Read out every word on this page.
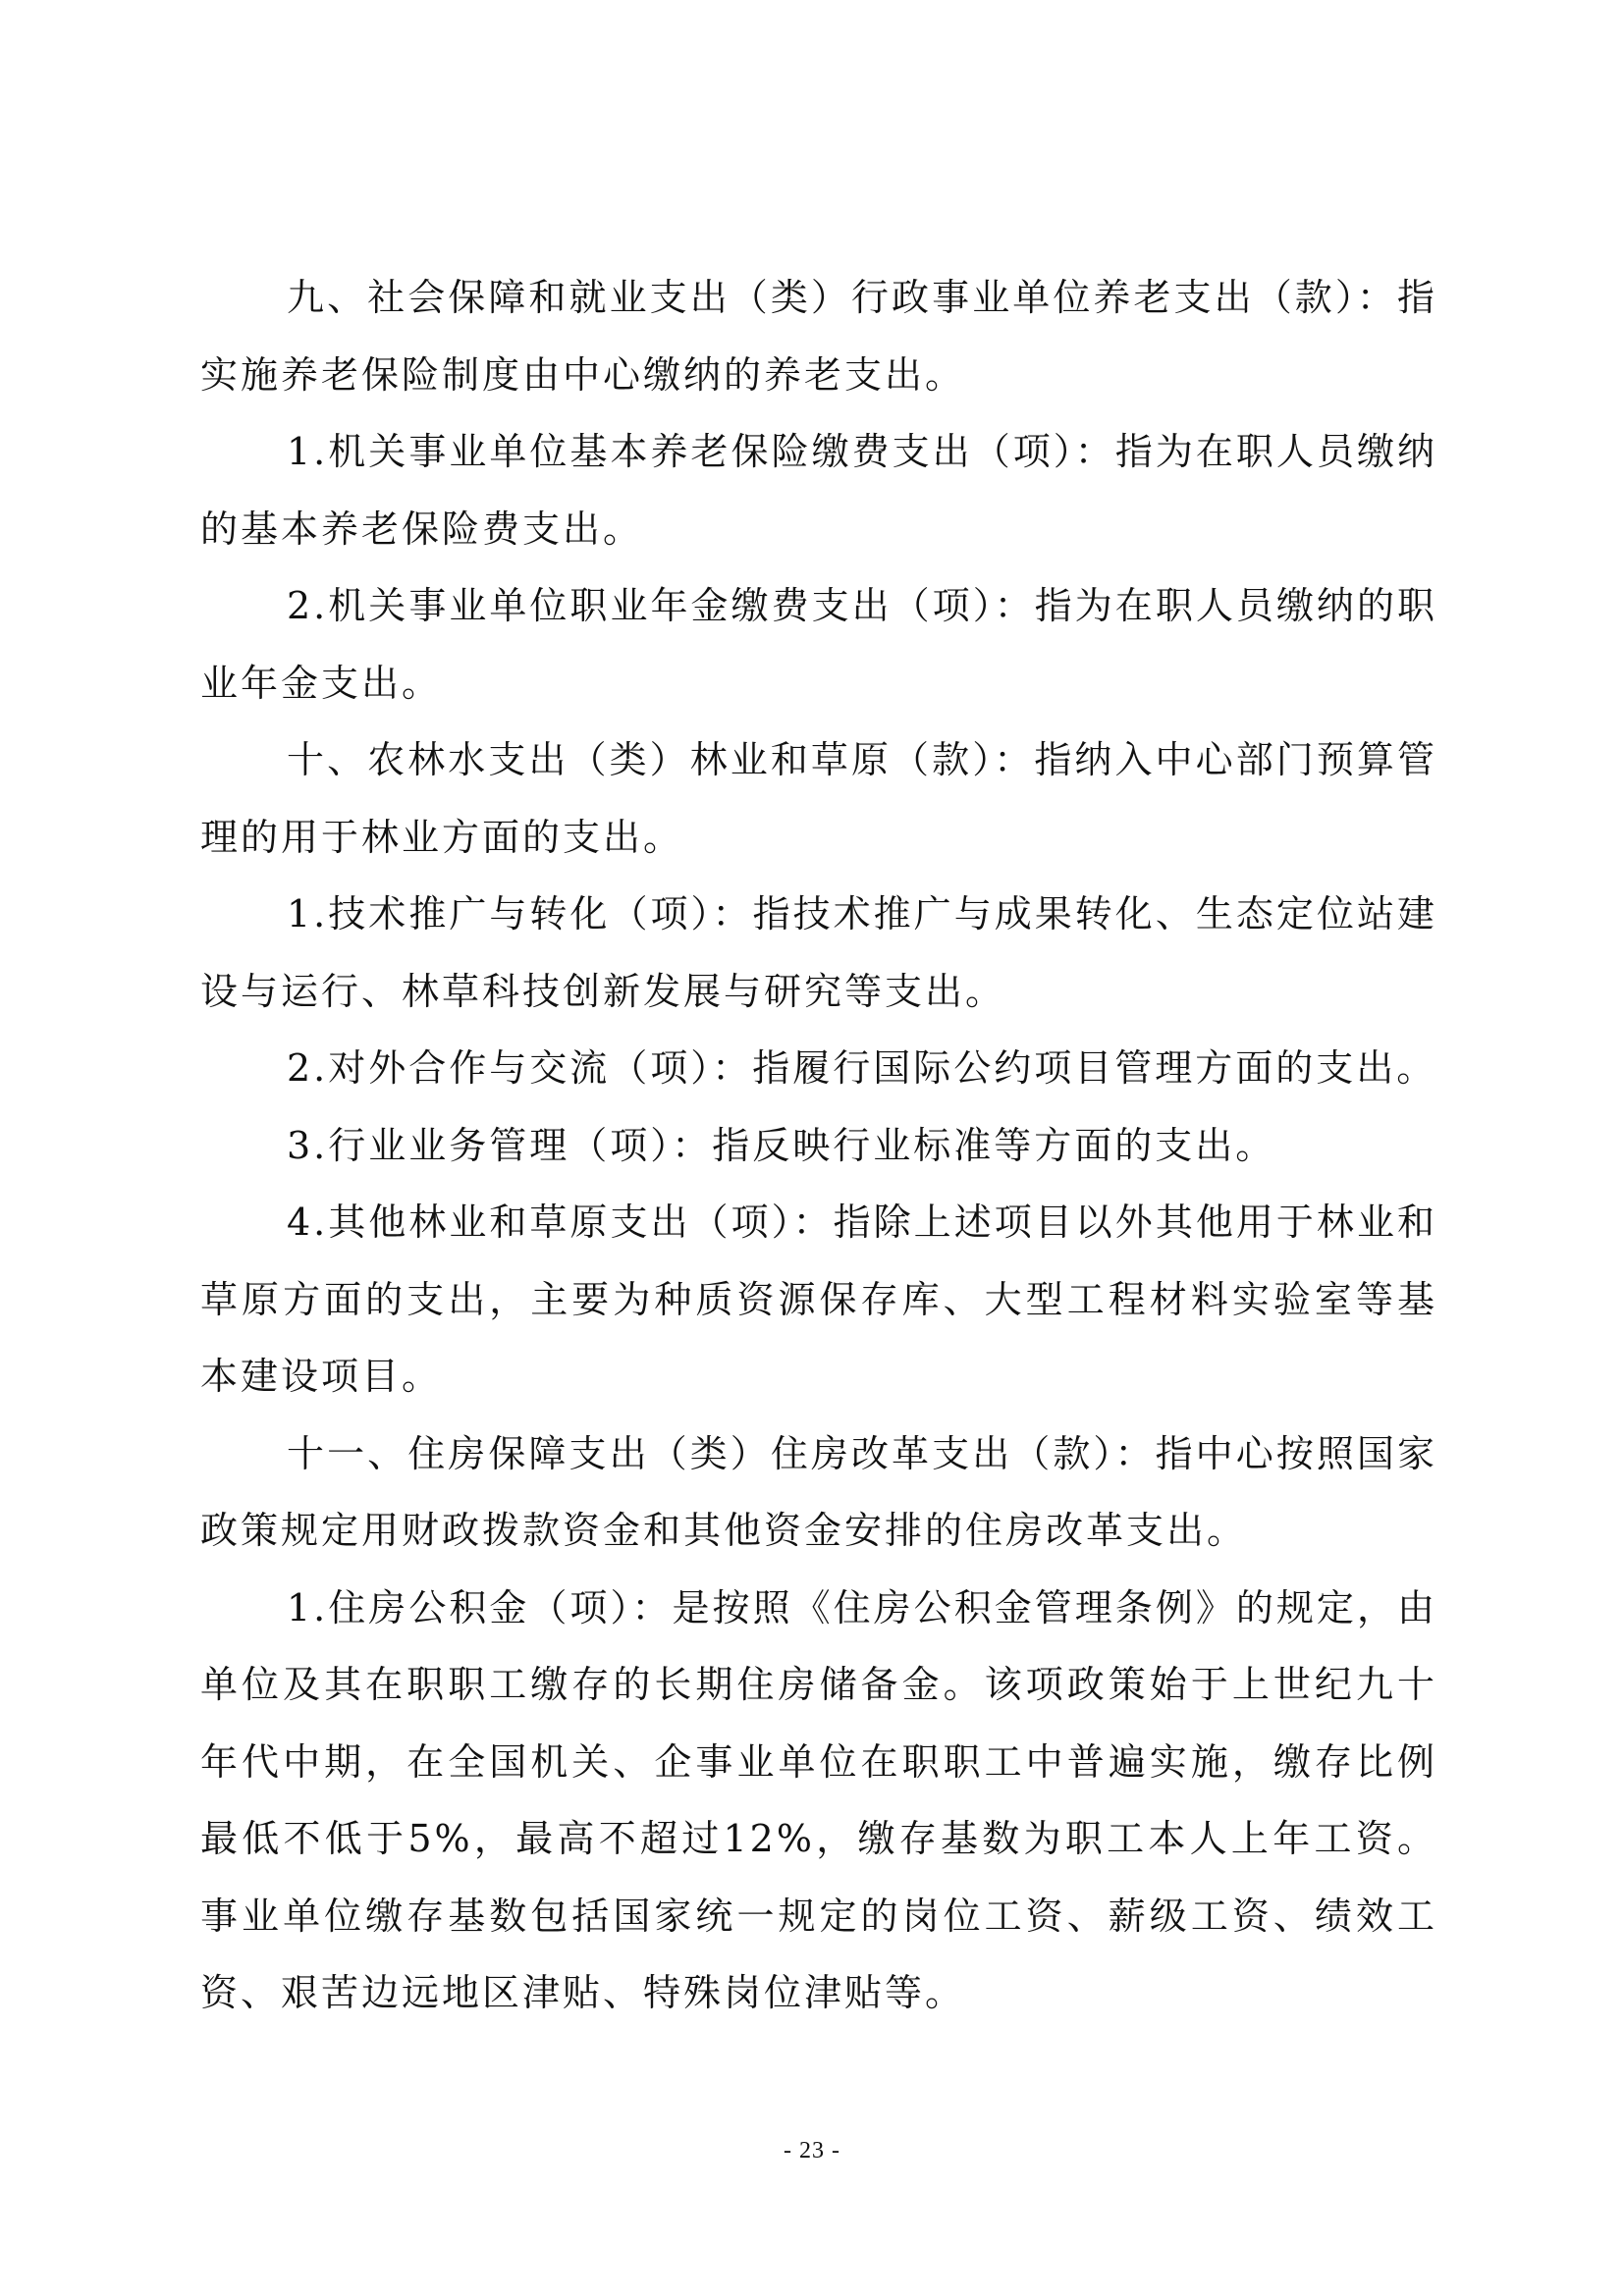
九、社会保障和就业支出（类）行政事业单位养老支出（款）：指实施养老保险制度由中心缴纳的养老支出。

1.机关事业单位基本养老保险缴费支出（项）：指为在职人员缴纳的基本养老保险费支出。

2.机关事业单位职业年金缴费支出（项）：指为在职人员缴纳的职业年金支出。

十、农林水支出（类）林业和草原（款）：指纳入中心部门预算管理的用于林业方面的支出。

1.技术推广与转化（项）：指技术推广与成果转化、生态定位站建设与运行、林草科技创新发展与研究等支出。

2.对外合作与交流（项）：指履行国际公约项目管理方面的支出。

3.行业业务管理（项）：指反映行业标准等方面的支出。

4.其他林业和草原支出（项）：指除上述项目以外其他用于林业和草原方面的支出，主要为种质资源保存库、大型工程材料实验室等基本建设项目。

十一、住房保障支出（类）住房改革支出（款）：指中心按照国家政策规定用财政拨款资金和其他资金安排的住房改革支出。

1.住房公积金（项）：是按照《住房公积金管理条例》的规定，由单位及其在职职工缴存的长期住房储备金。该项政策始于上世纪九十年代中期，在全国机关、企事业单位在职职工中普遍实施，缴存比例最低不低于5%，最高不超过12%，缴存基数为职工本人上年工资。事业单位缴存基数包括国家统一规定的岗位工资、薪级工资、绩效工资、艰苦边远地区津贴、特殊岗位津贴等。

- 23 -
